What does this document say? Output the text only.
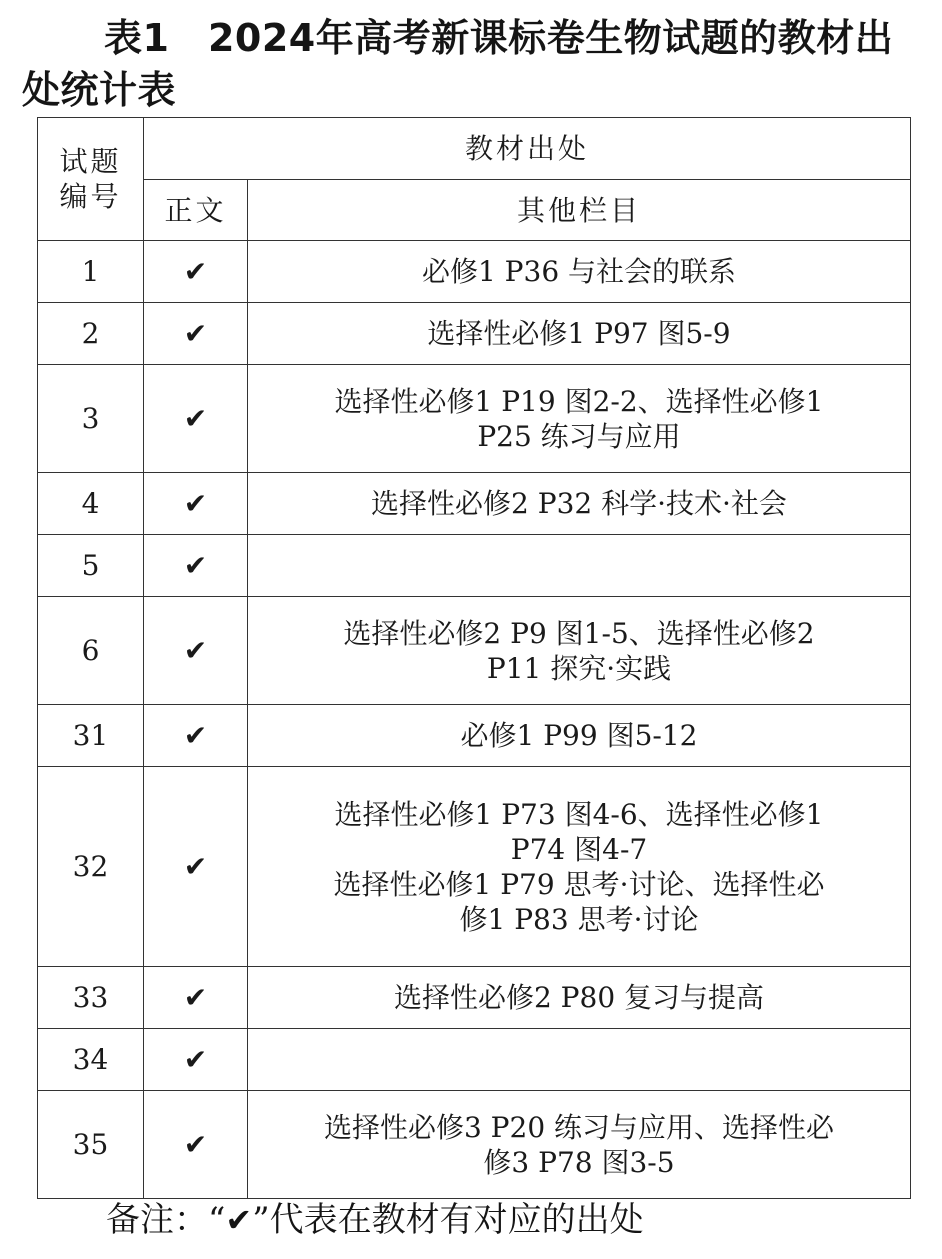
表1　2024年高考新课标卷生物试题的教材出处统计表
试题
编号	教材出处	
	正文	其他栏目
1	✔	必修1 P36 与社会的联系

2	✔	选择性必修1 P97 图5-9

3	✔	选择性必修1 P19 图2-2、选择性必修1
P25 练习与应用

4	✔	选择性必修2 P32 科学·技术·社会

5	✔	
6	✔	选择性必修2 P9 图1-5、选择性必修2
P11 探究·实践

31	✔	必修1 P99 图5-12

32	✔	选择性必修1 P73 图4-6、选择性必修1
P74 图4-7
选择性必修1 P79 思考·讨论、选择性必
修1 P83 思考·讨论

33	✔	选择性必修2 P80 复习与提高

34	✔	
35	✔	选择性必修3 P20 练习与应用、选择性必
修3 P78 图3-5
备注：“✔”代表在教材有对应的出处
